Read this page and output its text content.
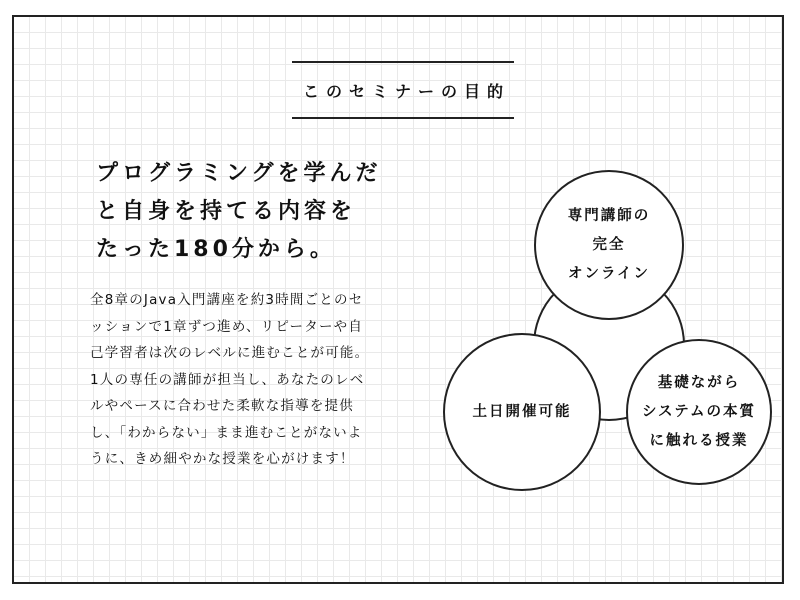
このセミナーの目的
プログラミングを学んだ
と自身を持てる内容を
たった180分から。
全8章のJava入門講座を約3時間ごとのセ
ッションで1章ずつ進め、リピーターや自
己学習者は次のレベルに進むことが可能。
1人の専任の講師が担当し、あなたのレベ
ルやペースに合わせた柔軟な指導を提供
し、「わからない」まま進むことがないよ
うに、きめ細やかな授業を心がけます！
専門講師の
完全
オンライン
土日開催可能
基礎ながら
システムの本質
に触れる授業
